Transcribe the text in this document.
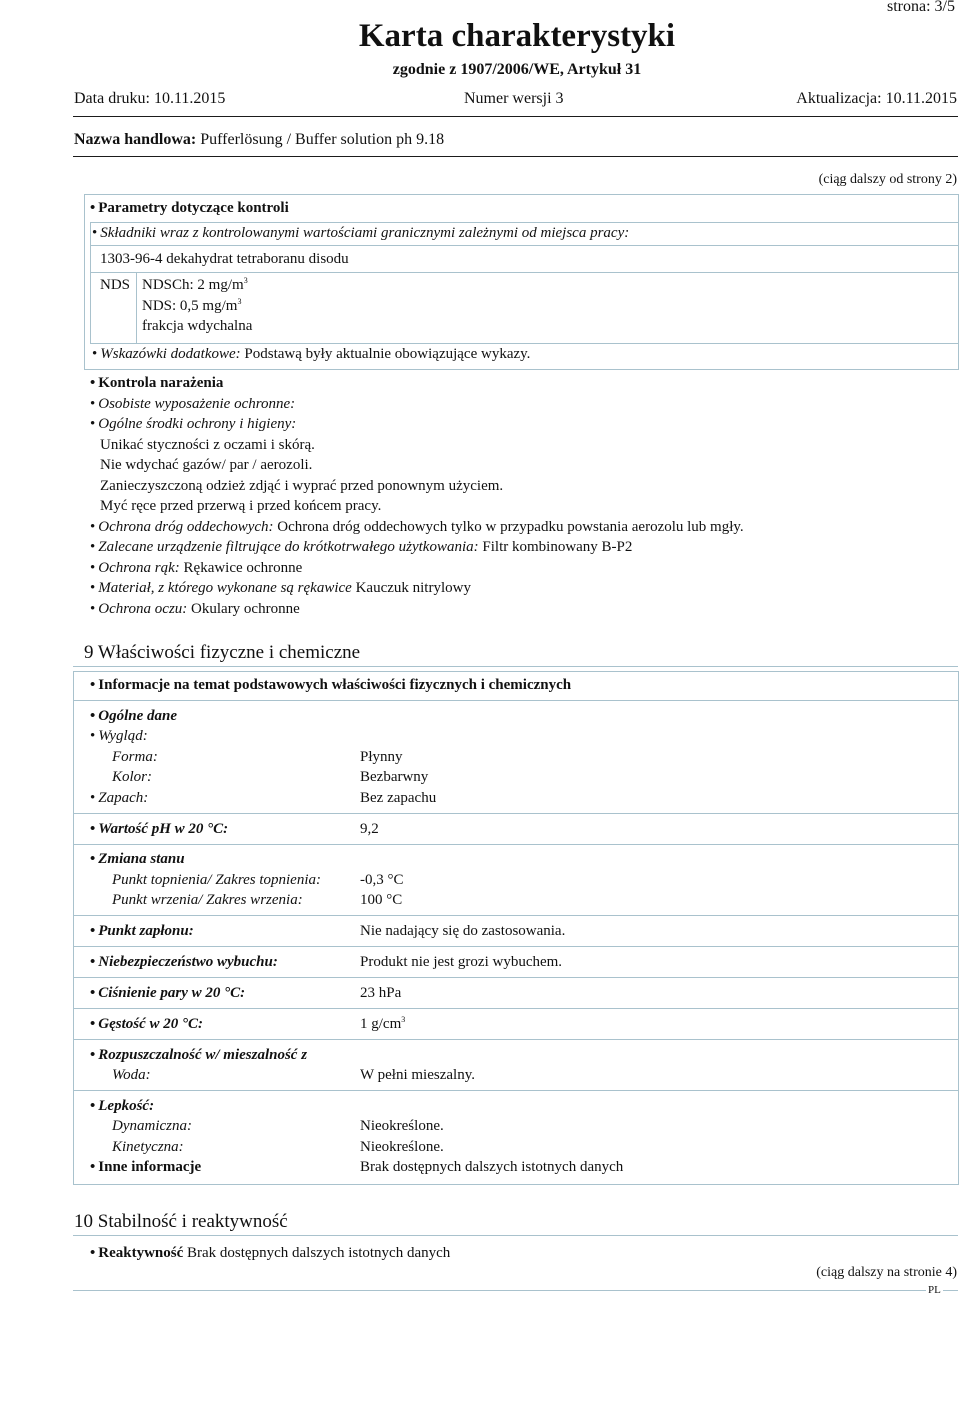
strona: 3/5
Karta charakterystyki
zgodnie z 1907/2006/WE, Artykuł 31
Data druku: 10.11.2015	Numer wersji 3	Aktualizacja: 10.11.2015
Nazwa handlowa: Pufferlösung / Buffer solution ph 9.18
(ciąg dalszy od strony 2)
• Parametry dotyczące kontroli
• Składniki wraz z kontrolowanymi wartościami granicznymi zależnymi od miejsca pracy:
1303-96-4 dekahydrat tetraboranu disodu
NDS NDSCh: 2 $mg/m^3$
NDS: 0,5 $mg/m^3$
frakcja wdychalna
• Wskazówki dodatkowe: Podstawą były aktualnie obowiązujące wykazy.
• Kontrola narażenia
• Osobiste wyposażenie ochronne:
• Ogólne środki ochrony i higieny:
Unikać styczności z oczami i skórą.
Nie wdychać gazów/ par / aerozoli.
Zanieczyszczoną odzież zdjąć i wyprać przed ponownym użyciem.
Myć ręce przed przerwą i przed końcem pracy.
• Ochrona dróg oddechowych: Ochrona dróg oddechowych tylko w przypadku powstania aerozolu lub mgły.
• Zalecane urządzenie filtrujące do krótkotrwałego użytkowania: Filtr kombinowany B-P2
• Ochrona rąk: Rękawice ochronne
• Materiał, z którego wykonane są rękawice Kauczuk nitrylowy
• Ochrona oczu: Okulary ochronne
9 Właściwości fizyczne i chemiczne
• Informacje na temat podstawowych właściwości fizycznych i chemicznych
• Ogólne dane
• Wygląd:
Forma:	Płynny
Kolor:	Bezbarwny
• Zapach:	Bez zapachu
• Wartość pH w 20 °C:	9,2
• Zmiana stanu
Punkt topnienia/ Zakres topnienia:	-0,3 °C
Punkt wrzenia/ Zakres wrzenia:	100 °C
• Punkt zapłonu:	Nie nadający się do zastosowania.
• Niebezpieczeństwo wybuchu:	Produkt nie jest grozi wybuchem.
• Ciśnienie pary w 20 °C:	23 hPa
• Gęstość w 20 °C:	1 $g/cm^3$
• Rozpuszczalność w/ mieszalność z
Woda:	W pełni mieszalny.
• Lepkość:
Dynamiczna:	Nieokreślone.
Kinetyczna:	Nieokreślone.
• Inne informacje	Brak dostępnych dalszych istotnych danych
10 Stabilność i reaktywność
• Reaktywność Brak dostępnych dalszych istotnych danych
(ciąg dalszy na stronie 4)
PL
